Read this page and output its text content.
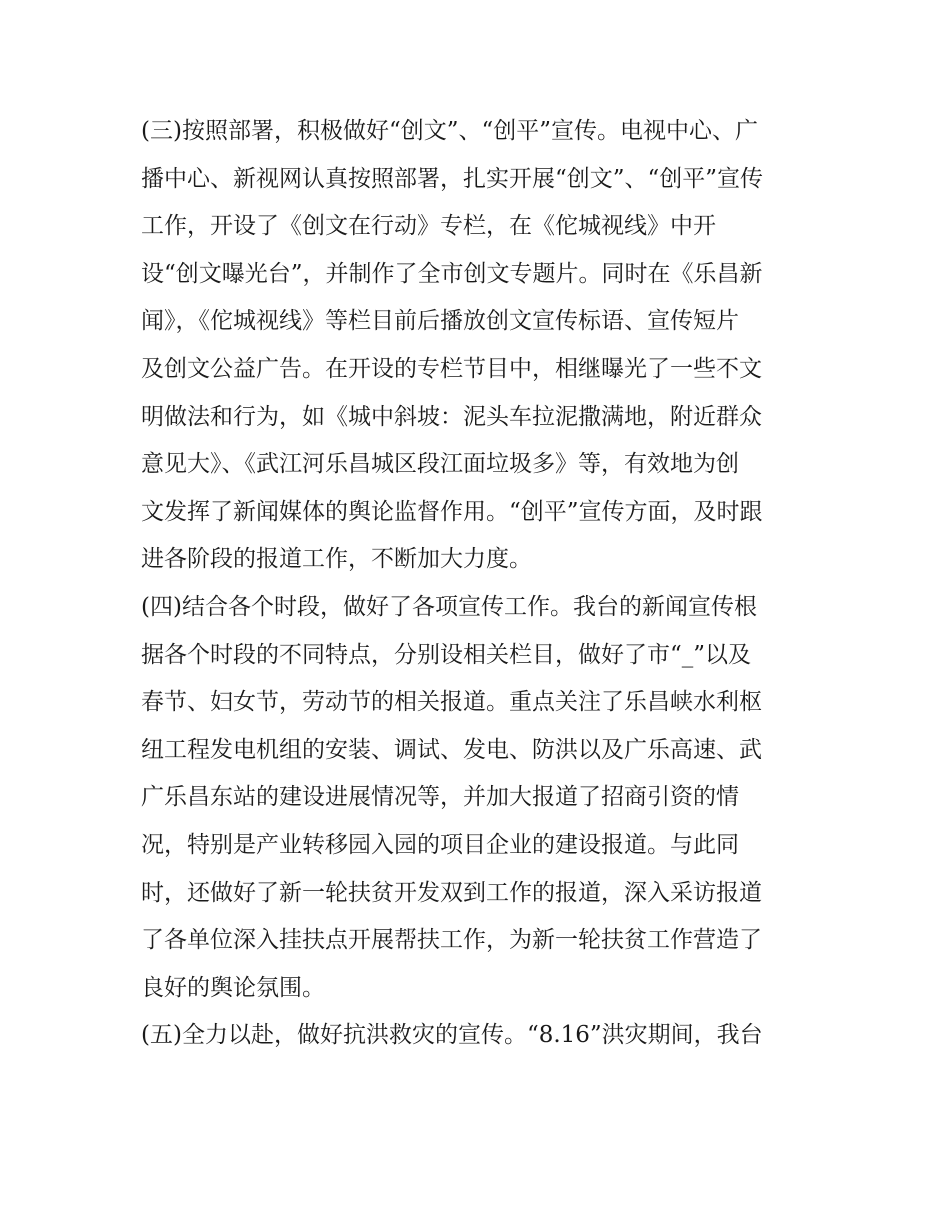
(三)按照部署，积极做好“创文”、“创平”宣传。电视中心、广
播中心、新视网认真按照部署，扎实开展“创文”、“创平”宣传
工作，开设了《创文在行动》专栏，在《佗城视线》中开
设“创文曝光台”，并制作了全市创文专题片。同时在《乐昌新
闻》，《佗城视线》等栏目前后播放创文宣传标语、宣传短片
及创文公益广告。在开设的专栏节目中，相继曝光了一些不文
明做法和行为，如《城中斜坡：泥头车拉泥撒满地，附近群众
意见大》、《武江河乐昌城区段江面垃圾多》等，有效地为创
文发挥了新闻媒体的舆论监督作用。“创平”宣传方面，及时跟
进各阶段的报道工作，不断加大力度。
(四)结合各个时段，做好了各项宣传工作。我台的新闻宣传根
据各个时段的不同特点，分别设相关栏目，做好了市“_”以及
春节、妇女节，劳动节的相关报道。重点关注了乐昌峡水利枢
纽工程发电机组的安装、调试、发电、防洪以及广乐高速、武
广乐昌东站的建设进展情况等，并加大报道了招商引资的情
况，特别是产业转移园入园的项目企业的建设报道。与此同
时，还做好了新一轮扶贫开发双到工作的报道，深入采访报道
了各单位深入挂扶点开展帮扶工作，为新一轮扶贫工作营造了
良好的舆论氛围。
(五)全力以赴，做好抗洪救灾的宣传。“8.16”洪灾期间，我台
